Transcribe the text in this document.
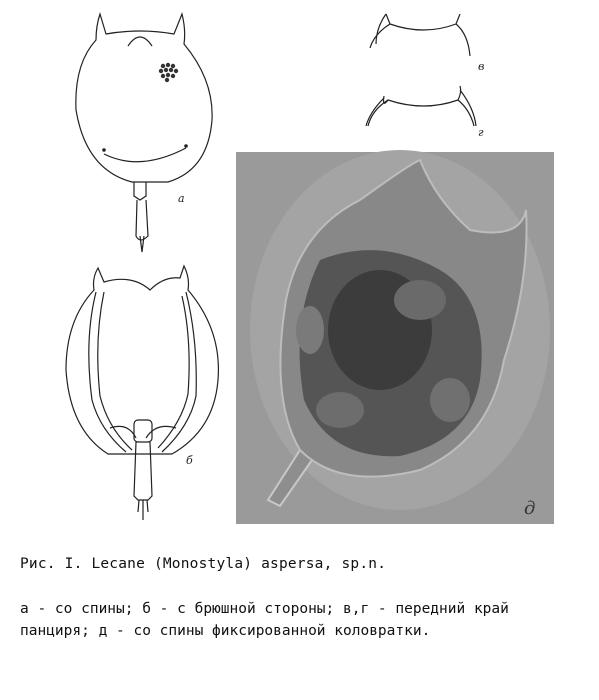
а
б
в
г
д
Рис. I. Lecane (Monostyla) aspersa, sp.n.
а - со спины; б - с брюшной стороны; в,г - передний край
панциря; д - со спины фиксированной коловратки.
